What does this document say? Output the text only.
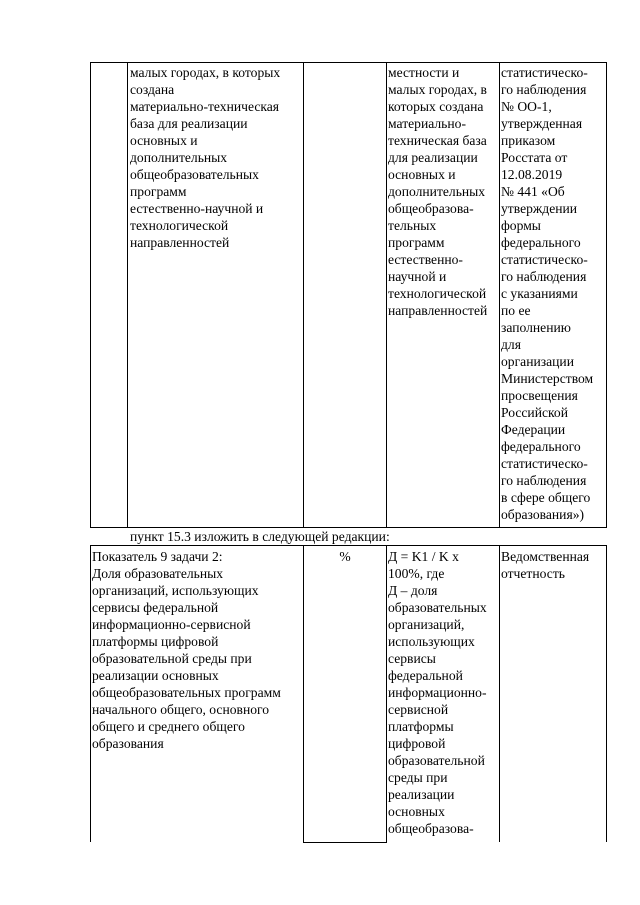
малых городах, в которых
создана
материально-техническая
база для реализации
основных и
дополнительных
общеобразовательных
программ
естественно-научной и
технологической
направленностей
местности и
малых городах, в
которых создана
материально-
техническая база
для реализации
основных и
дополнительных
общеобразова-
тельных
программ
естественно-
научной и
технологической
направленностей
статистическо-
го наблюдения
№ ОО-1,
утвержденная
приказом
Росстата от
12.08.2019
№ 441 «Об
утверждении
формы
федерального
статистическо-
го наблюдения
с указаниями
по ее
заполнению
для
организации
Министерством
просвещения
Российской
Федерации
федерального
статистическо-
го наблюдения
в сфере общего
образования»)
пункт 15.3 изложить в следующей редакции:
Показатель 9 задачи 2:
Доля образовательных
организаций, использующих
сервисы федеральной
информационно-сервисной
платформы цифровой
образовательной среды при
реализации основных
общеобразовательных программ
начального общего, основного
общего и среднего общего
образования
%	Д = K1 / K x
100%, где
Д – доля
образовательных
организаций,
использующих
сервисы
федеральной
информационно-
сервисной
платформы
цифровой
образовательной
среды при
реализации
основных
общеобразова-
Ведомственная
отчетность
